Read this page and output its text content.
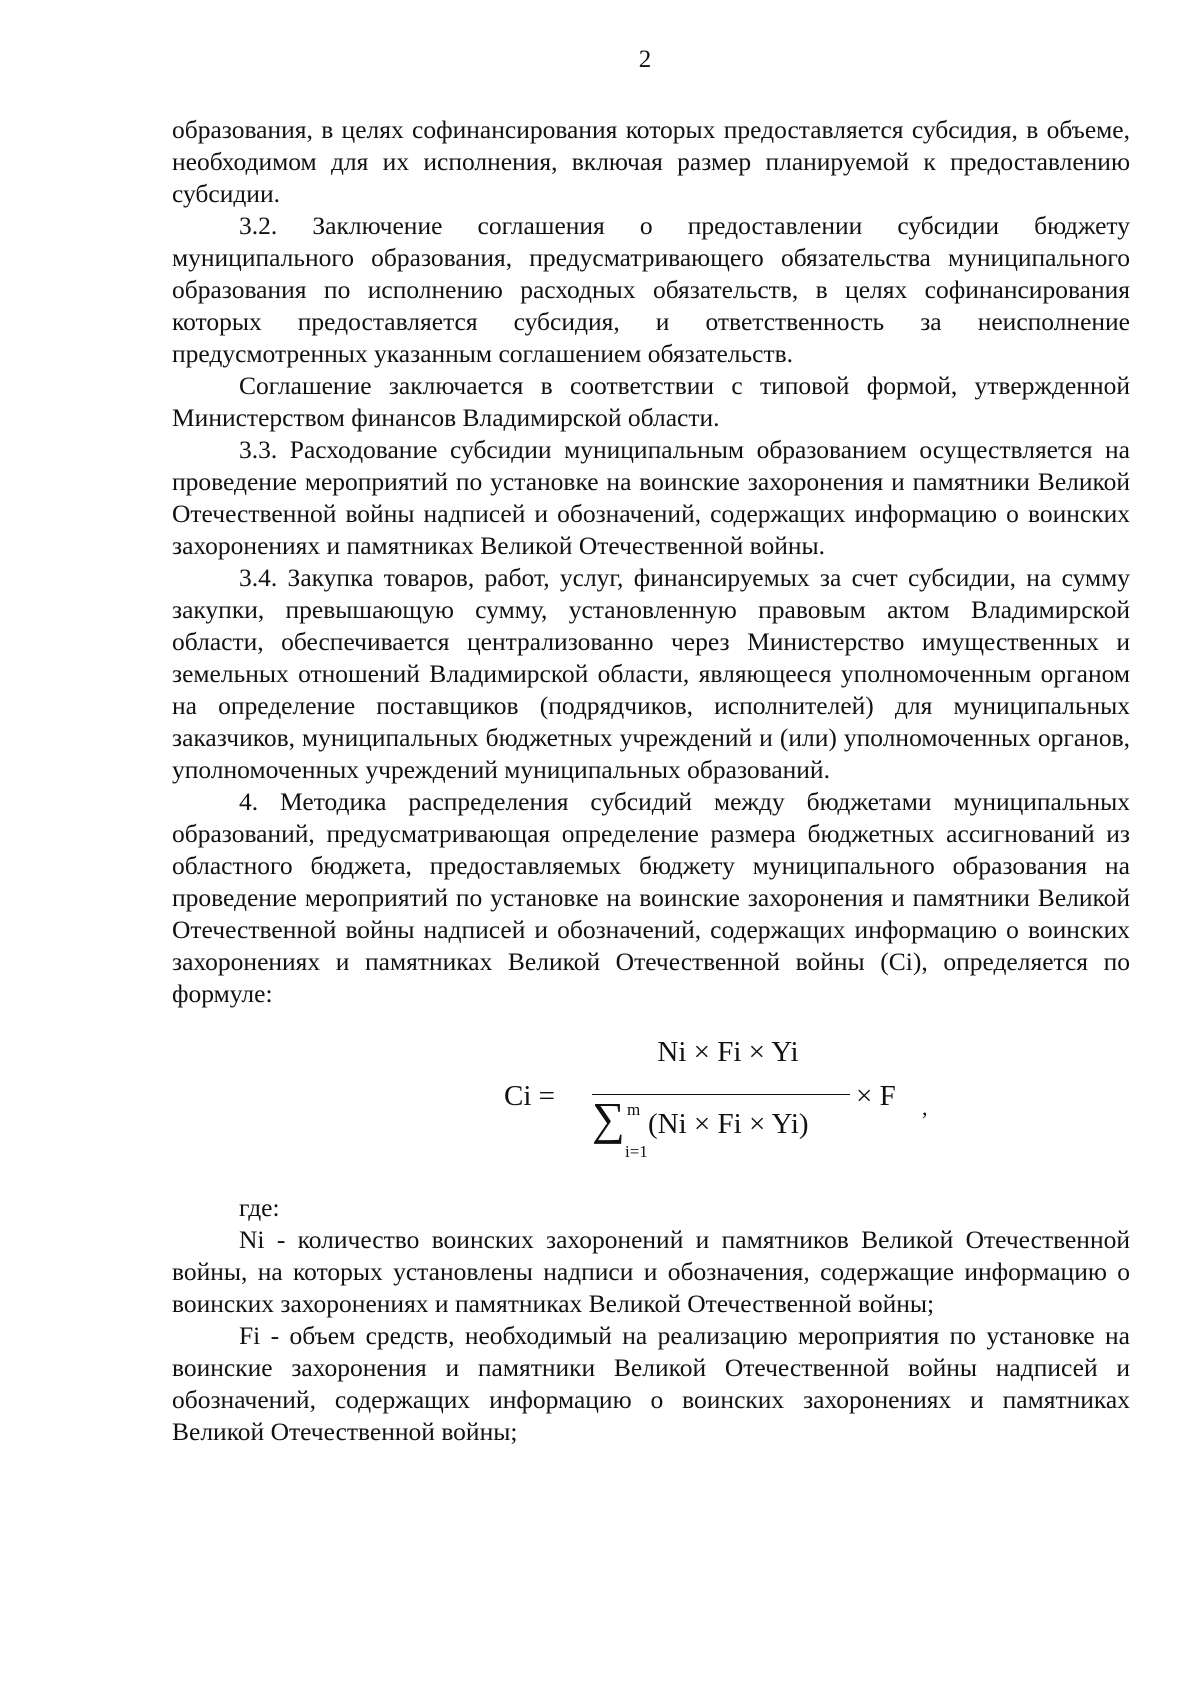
2

образования, в целях софинансирования которых предоставляется субсидия, в объеме, необходимом для их исполнения, включая размер планируемой к предоставлению субсидии.

3.2. Заключение соглашения о предоставлении субсидии бюджету муниципального образования, предусматривающего обязательства муниципального образования по исполнению расходных обязательств, в целях софинансирования которых предоставляется субсидия, и ответственность за неисполнение предусмотренных указанным соглашением обязательств.

Соглашение заключается в соответствии с типовой формой, утвержденной Министерством финансов Владимирской области.

3.3. Расходование субсидии муниципальным образованием осуществляется на проведение мероприятий по установке на воинские захоронения и памятники Великой Отечественной войны надписей и обозначений, содержащих информацию о воинских захоронениях и памятниках Великой Отечественной войны.

3.4. Закупка товаров, работ, услуг, финансируемых за счет субсидии, на сумму закупки, превышающую сумму, установленную правовым актом Владимирской области, обеспечивается централизованно через Министерство имущественных и земельных отношений Владимирской области, являющееся уполномоченным органом на определение поставщиков (подрядчиков, исполнителей) для муниципальных заказчиков, муниципальных бюджетных учреждений и (или) уполномоченных органов, уполномоченных учреждений муниципальных образований.

4. Методика распределения субсидий между бюджетами муниципальных образований, предусматривающая определение размера бюджетных ассигнований из областного бюджета, предоставляемых бюджету муниципального образования на проведение мероприятий по установке на воинские захоронения и памятники Великой Отечественной войны надписей и обозначений, содержащих информацию о воинских захоронениях и памятниках Великой Отечественной войны (Ci), определяется по формуле:

Ci =
Ni × Fi × Yi
∑ m
i=1
(Ni × Fi × Yi)
× F ,

где:

Ni - количество воинских захоронений и памятников Великой Отечественной войны, на которых установлены надписи и обозначения, содержащие информацию о воинских захоронениях и памятниках Великой Отечественной войны;

Fi - объем средств, необходимый на реализацию мероприятия по установке на воинские захоронения и памятники Великой Отечественной войны надписей и обозначений, содержащих информацию о воинских захоронениях и памятниках Великой Отечественной войны;
